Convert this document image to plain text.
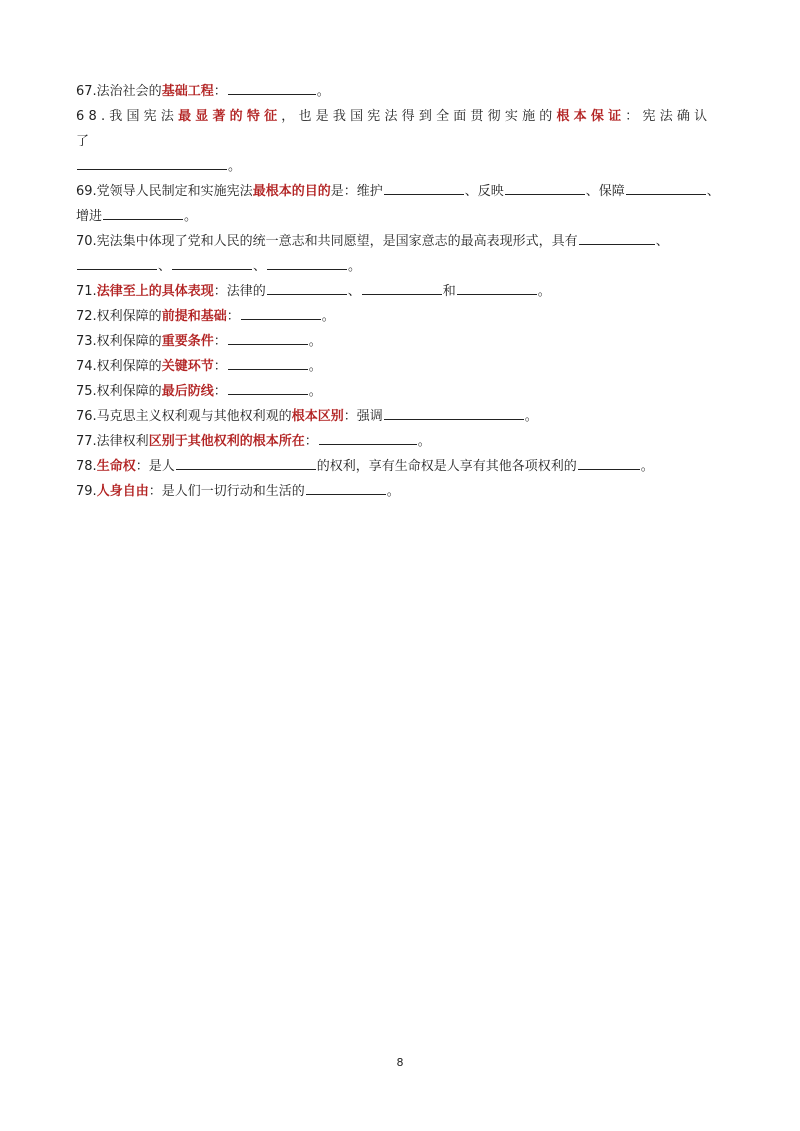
67.法治社会的基础工程：	。

68.我国宪法最显著的特征，也是我国宪法得到全面贯彻实施的根本保证：宪法确认了
。

69.党领导人民制定和实施宪法最根本的目的是：维护	、反映	、保障	、
增进	。

70.宪法集中体现了党和人民的统一意志和共同愿望，是国家意志的最高表现形式，具有	、
、	、	。

71.法律至上的具体表现：法律的	、	和	。

72.权利保障的前提和基础：	。

73.权利保障的重要条件：	。

74.权利保障的关键环节：	。

75.权利保障的最后防线：	。

76.马克思主义权利观与其他权利观的根本区别：强调	。

77.法律权利区别于其他权利的根本所在：	。

78.生命权：是人	的权利，享有生命权是人享有其他各项权利的	。

79.人身自由：是人们一切行动和生活的	。

8
